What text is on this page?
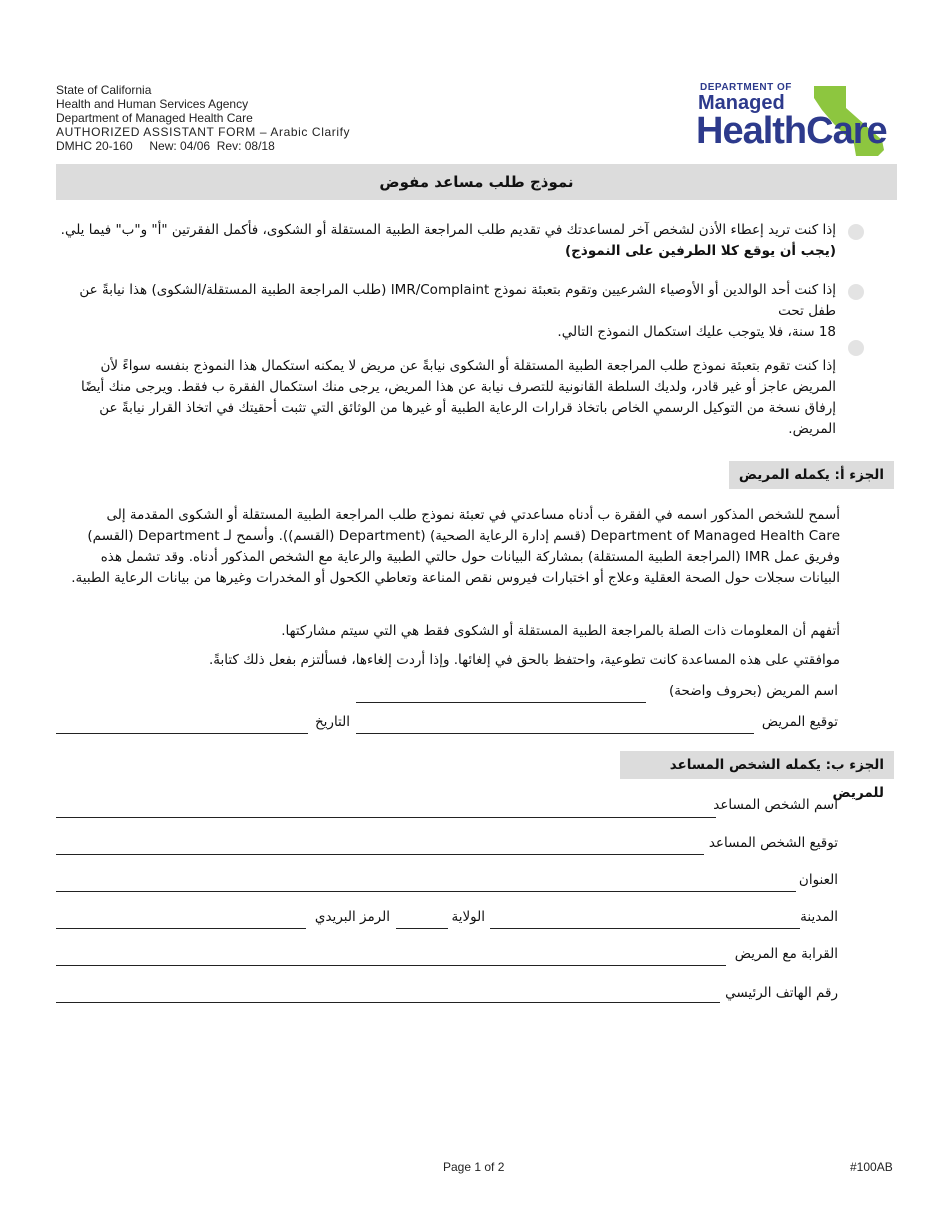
State of California
Health and Human Services Agency
Department of Managed Health Care
AUTHORIZED ASSISTANT FORM – Arabic Clarify
DMHC 20-160     New: 04/06  Rev: 08/18
DEPARTMENT OF
Managed
HealthCare
نموذج طلب مساعد مفوض
إذا كنت تريد إعطاء الأذن لشخص آخر لمساعدتك في تقديم طلب المراجعة الطبية المستقلة أو الشكوى، فأكمل الفقرتين "أ" و"ب" فيما يلي. (يجب أن يوقع كلا الطرفين على النموذج)
إذا كنت أحد الوالدين أو الأوصياء الشرعيين وتقوم بتعبئة نموذج IMR/Complaint (طلب المراجعة الطبية المستقلة/الشكوى) هذا نيابةً عن طفل تحت
18 سنة، فلا يتوجب عليك استكمال النموذج التالي.
إذا كنت تقوم بتعبئة نموذج طلب المراجعة الطبية المستقلة أو الشكوى نيابةً عن مريض لا يمكنه استكمال هذا النموذج بنفسه سواءً لأن المريض عاجز أو غير قادر، ولديك السلطة القانونية للتصرف نيابة عن هذا المريض، يرجى منك استكمال الفقرة ب فقط. ويرجى منك أيضًا إرفاق نسخة من التوكيل الرسمي الخاص باتخاذ قرارات الرعاية الطبية أو غيرها من الوثائق التي تثبت أحقيتك في اتخاذ القرار نيابةً عن المريض.
الجزء أ: يكمله المريض
أسمح للشخص المذكور اسمه في الفقرة ب أدناه مساعدتي في تعبئة نموذج طلب المراجعة الطبية المستقلة أو الشكوى المقدمة إلى Department of Managed Health Care (قسم إدارة الرعاية الصحية) (Department (القسم)). وأسمح لـ Department (القسم) وفريق عمل IMR (المراجعة الطبية المستقلة) بمشاركة البيانات حول حالتي الطبية والرعاية مع الشخص المذكور أدناه. وقد تشمل هذه البيانات سجلات حول الصحة العقلية وعلاج أو اختبارات فيروس نقص المناعة وتعاطي الكحول أو المخدرات وغيرها من بيانات الرعاية الطبية.
أتفهم أن المعلومات ذات الصلة بالمراجعة الطبية المستقلة أو الشكوى فقط هي التي سيتم مشاركتها.
موافقتي على هذه المساعدة كانت تطوعية، واحتفظ بالحق في إلغائها. وإذا أردت إلغاءها، فسألتزم بفعل ذلك كتابةً.
اسم المريض (بحروف واضحة)
توقيع المريض
التاريخ
الجزء ب: يكمله الشخص المساعد للمريض
اسم الشخص المساعد
توقيع الشخص المساعد
العنوان
المدينة
الولاية
الرمز البريدي
القرابة مع المريض
رقم الهاتف الرئيسي
Page 1 of 2	#100AB
